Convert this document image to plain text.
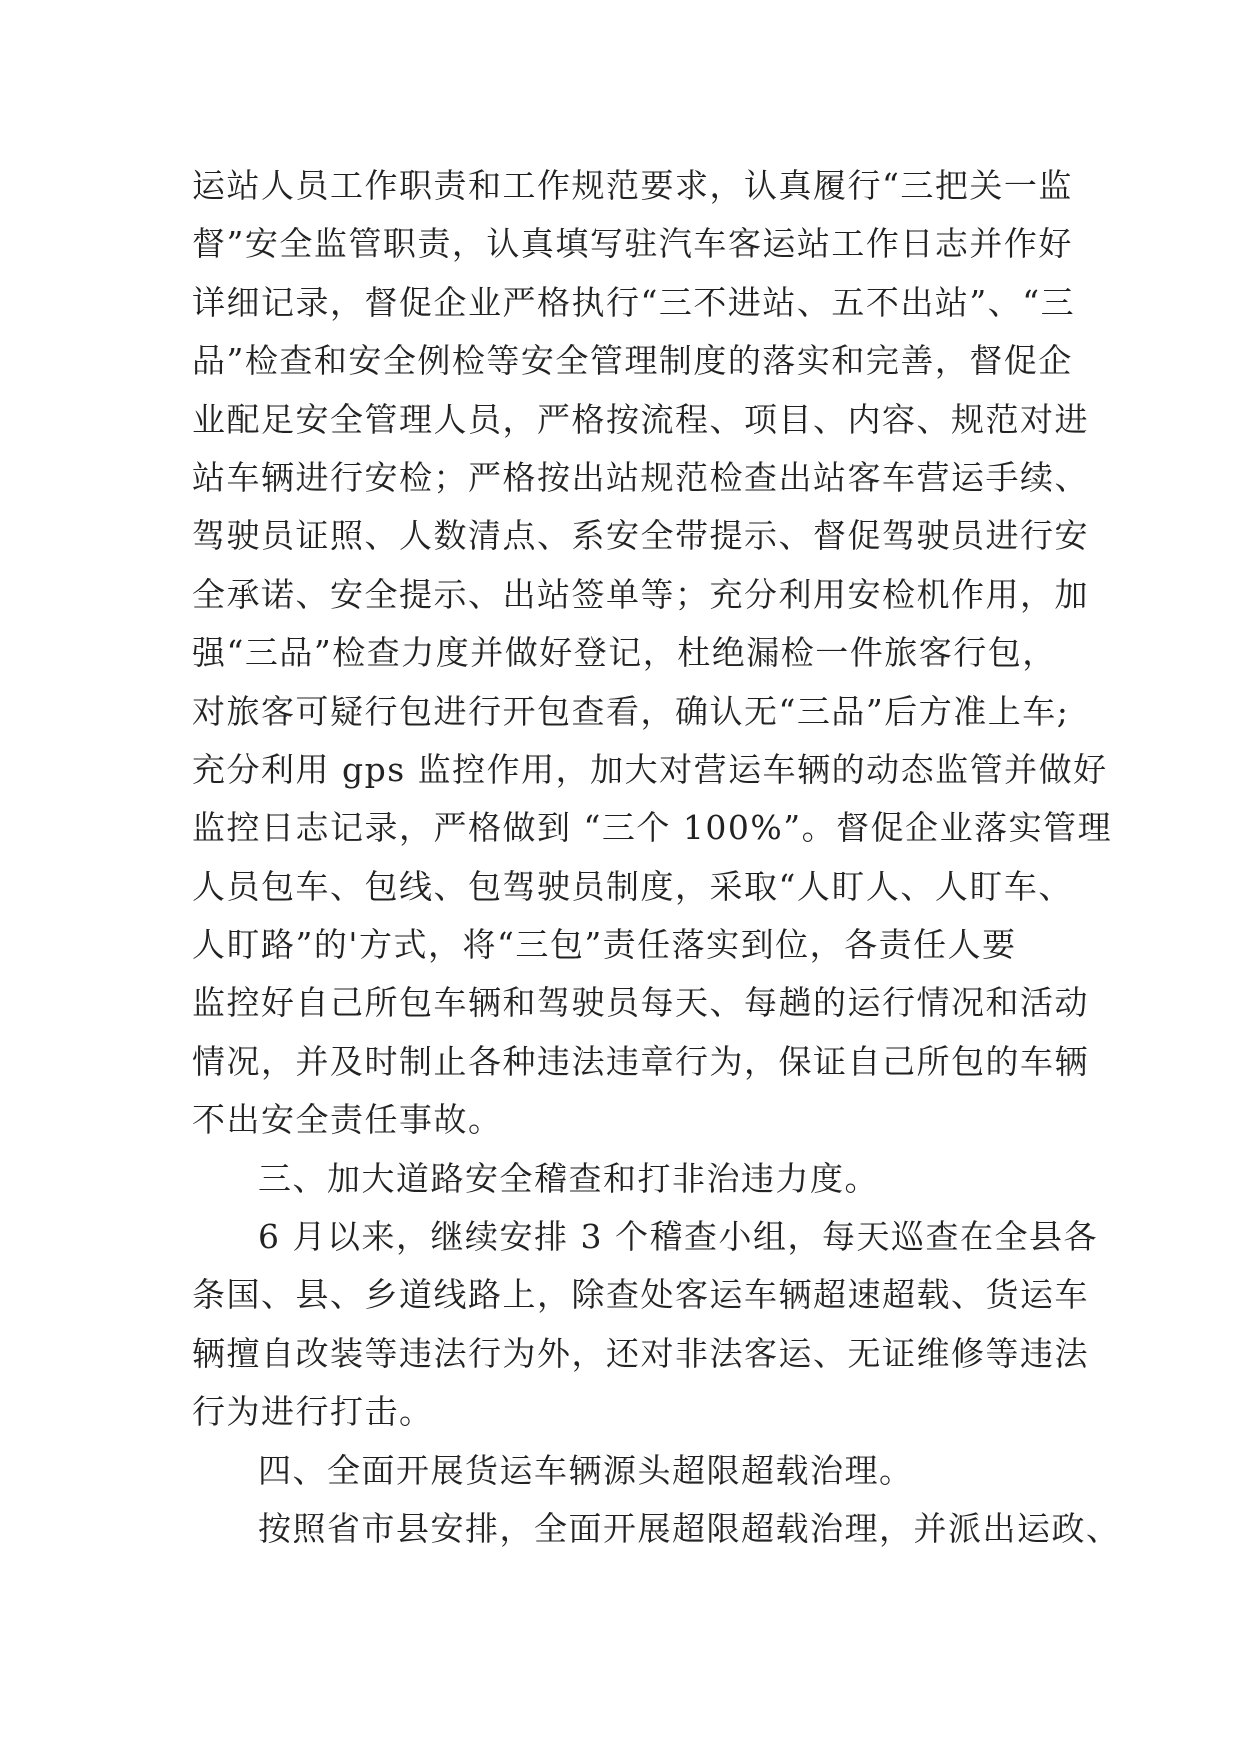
运站人员工作职责和工作规范要求，认真履行“三把关一监
督”安全监管职责，认真填写驻汽车客运站工作日志并作好
详细记录，督促企业严格执行“三不进站、五不出站”、“三
品”检查和安全例检等安全管理制度的落实和完善，督促企
业配足安全管理人员，严格按流程、项目、内容、规范对进
站车辆进行安检；严格按出站规范检查出站客车营运手续、
驾驶员证照、人数清点、系安全带提示、督促驾驶员进行安
全承诺、安全提示、出站签单等；充分利用安检机作用，加
强“三品”检查力度并做好登记，杜绝漏检一件旅客行包，
对旅客可疑行包进行开包查看，确认无“三品”后方准上车;
充分利用 gps 监控作用，加大对营运车辆的动态监管并做好
监控日志记录，严格做到 “三个 100%”。督促企业落实管理
人员包车、包线、包驾驶员制度，采取“人盯人、人盯车、
人盯路”的'方式，将“三包”责任落实到位，各责任人要
监控好自己所包车辆和驾驶员每天、每趟的运行情况和活动
情况，并及时制止各种违法违章行为，保证自己所包的车辆
不出安全责任事故。
三、加大道路安全稽查和打非治违力度。
6 月以来，继续安排 3 个稽查小组，每天巡查在全县各
条国、县、乡道线路上，除查处客运车辆超速超载、货运车
辆擅自改装等违法行为外，还对非法客运、无证维修等违法
行为进行打击。
四、全面开展货运车辆源头超限超载治理。
按照省市县安排，全面开展超限超载治理，并派出运政、
